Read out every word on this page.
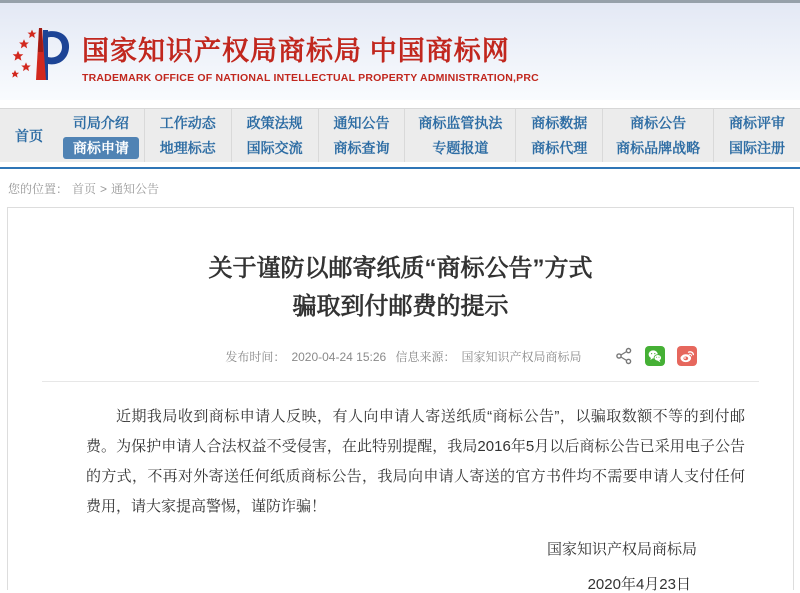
国家知识产权局商标局 中国商标网
TRADEMARK OFFICE OF NATIONAL INTELLECTUAL PROPERTY ADMINISTRATION,PRC
首页
司局介绍
商标申请
工作动态
地理标志
政策法规
国际交流
通知公告
商标查询
商标监管执法
专题报道
商标数据
商标代理
商标公告
商标品牌战略
商标评审
国际注册
您的位置： 首页 > 通知公告
关于谨防以邮寄纸质“商标公告”方式
骗取到付邮费的提示
发布时间： 2020-04-24 15:26 信息来源： 国家知识产权局商标局

近期我局收到商标申请人反映，有人向申请人寄送纸质“商标公告”，以骗取数额不等的到付邮费。为保护申请人合法权益不受侵害，在此特别提醒，我局2016年5月以后商标公告已采用电子公告的方式，不再对外寄送任何纸质商标公告，我局向申请人寄送的官方书件均不需要申请人支付任何费用，请大家提高警惕，谨防诈骗！

国家知识产权局商标局
2020年4月23日
